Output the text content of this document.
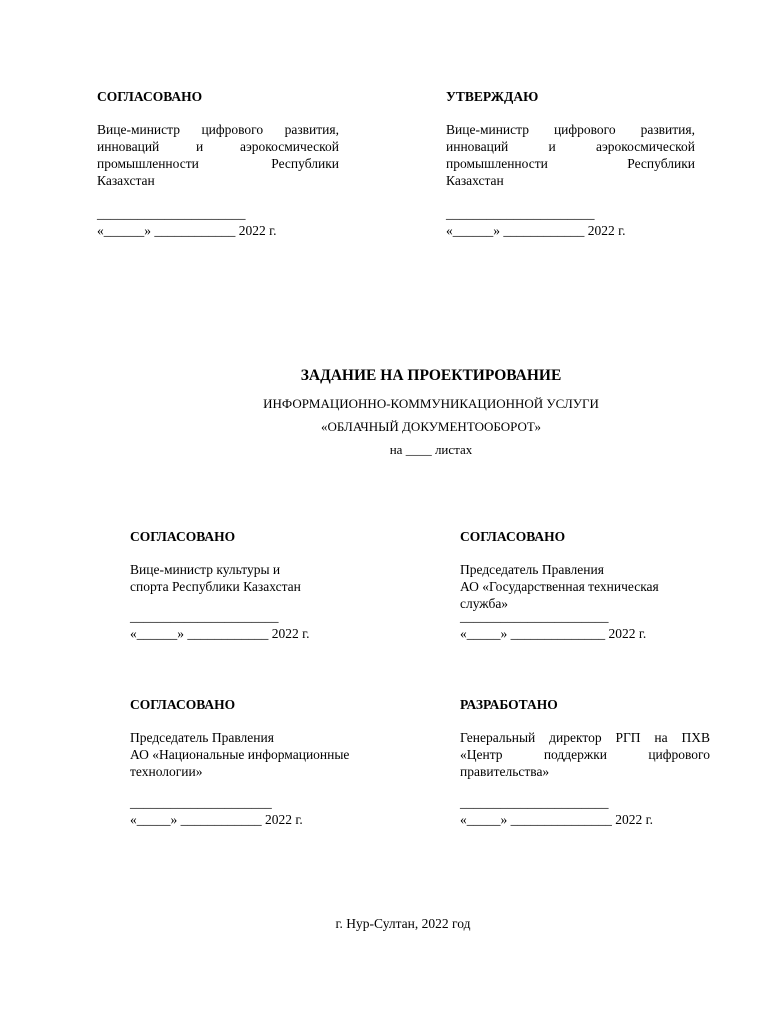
СОГЛАСОВАНО

Вице-министр цифрового развития,
инноваций и аэрокосмической
промышленности Республики
Казахстан
______________________
«______» ____________ 2022 г.

УТВЕРЖДАЮ

Вице-министр цифрового развития,
инноваций и аэрокосмической
промышленности Республики
Казахстан
______________________
«______» ____________ 2022 г.
ЗАДАНИЕ НА ПРОЕКТИРОВАНИЕ
ИНФОРМАЦИОННО-КОММУНИКАЦИОННОЙ УСЛУГИ
«ОБЛАЧНЫЙ ДОКУМЕНТООБОРОТ»
на ____ листах

СОГЛАСОВАНО

Вице-министр культуры и
спорта Республики Казахстан
______________________
«______» ____________ 2022 г.

СОГЛАСОВАНО

Председатель Правления
АО «Государственная техническая
служба»
______________________
«_____» ______________ 2022 г.

СОГЛАСОВАНО

Председатель Правления
АО «Национальные информационные
технологии»
_____________________
«_____» ____________ 2022 г.

РАЗРАБОТАНО

Генеральный директор РГП на ПХВ
«Центр поддержки цифрового
правительства»
______________________
«_____» _______________ 2022 г.
г. Нур-Султан, 2022 год
